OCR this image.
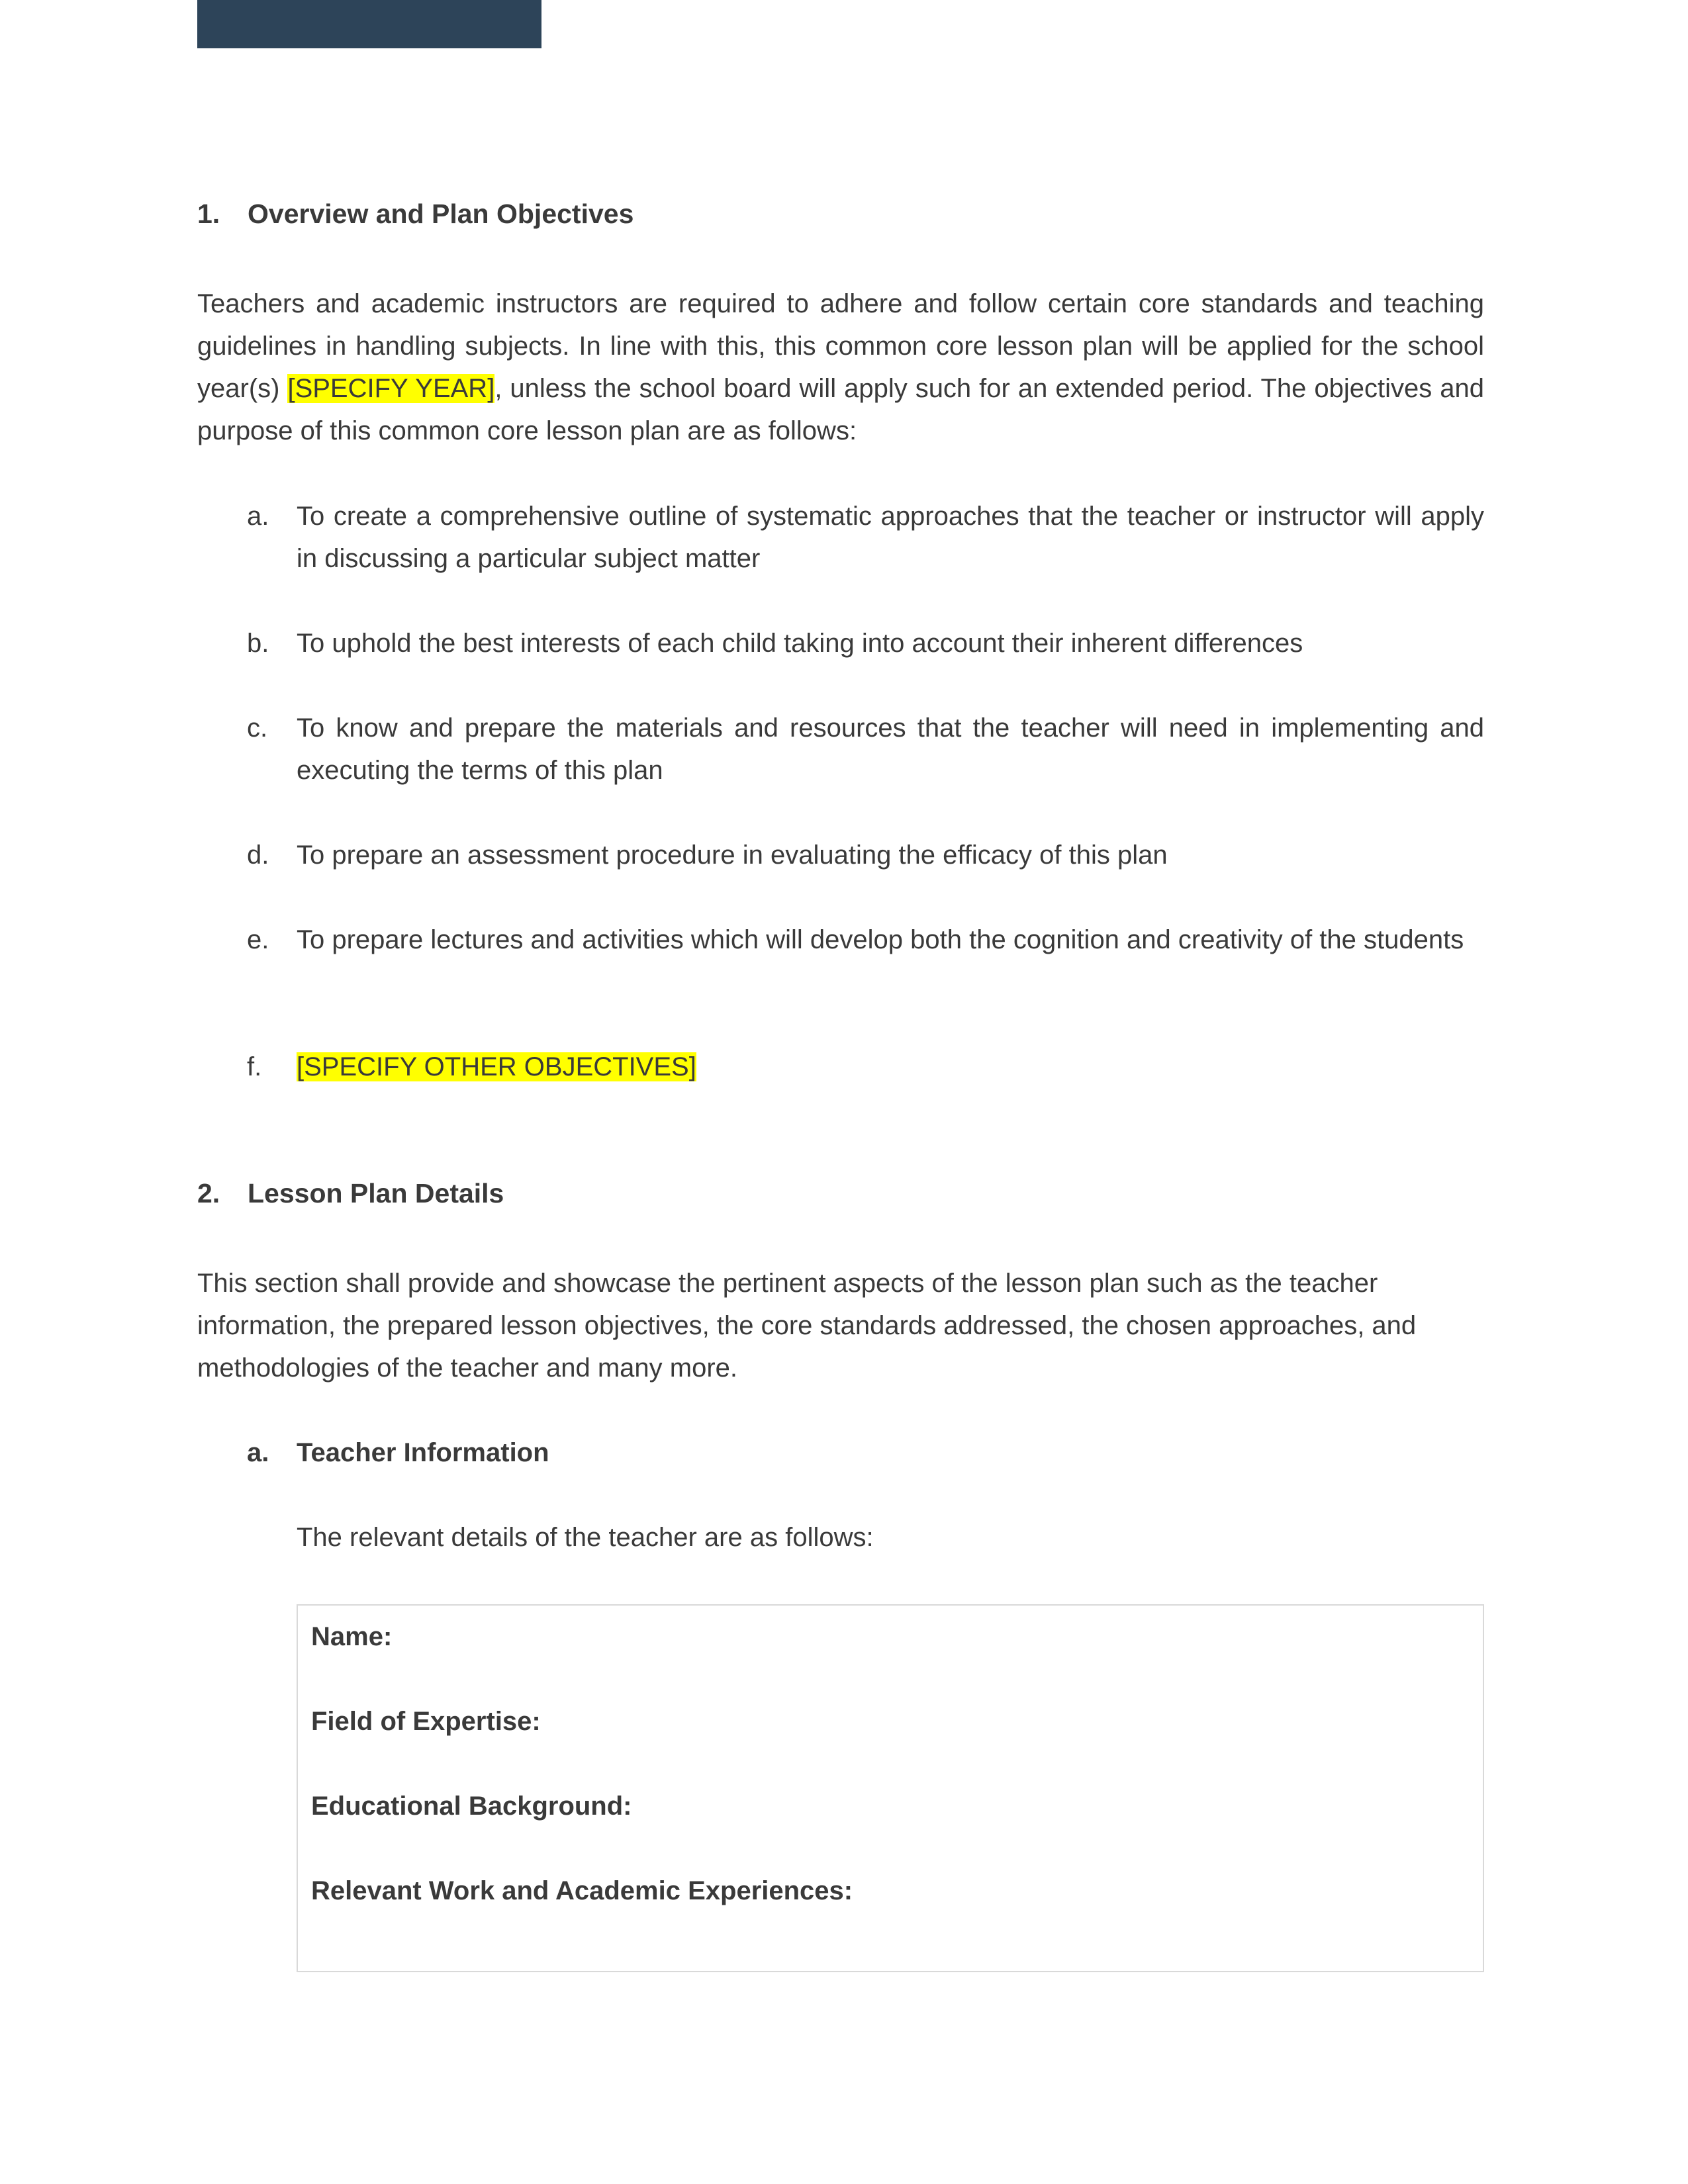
1. Overview and Plan Objectives

Teachers and academic instructors are required to adhere and follow certain core standards and teaching guidelines in handling subjects. In line with this, this common core lesson plan will be applied for the school year(s) [SPECIFY YEAR], unless the school board will apply such for an extended period. The objectives and purpose of this common core lesson plan are as follows:

a.	To create a comprehensive outline of systematic approaches that the teacher or instructor will apply in discussing a particular subject matter
b.	To uphold the best interests of each child taking into account their inherent differences
c.	To know and prepare the materials and resources that the teacher will need in implementing and executing the terms of this plan
d.	To prepare an assessment procedure in evaluating the efficacy of this plan
e.	To prepare lectures and activities which will develop both the cognition and creativity of the students
f.	[SPECIFY OTHER OBJECTIVES]
2. Lesson Plan Details

This section shall provide and showcase the pertinent aspects of the lesson plan such as the teacher information, the prepared lesson objectives, the core standards addressed, the chosen approaches, and methodologies of the teacher and many more.

a. Teacher Information
The relevant details of the teacher are as follows:
Name:
Field of Expertise:
Educational Background:
Relevant Work and Academic Experiences:
